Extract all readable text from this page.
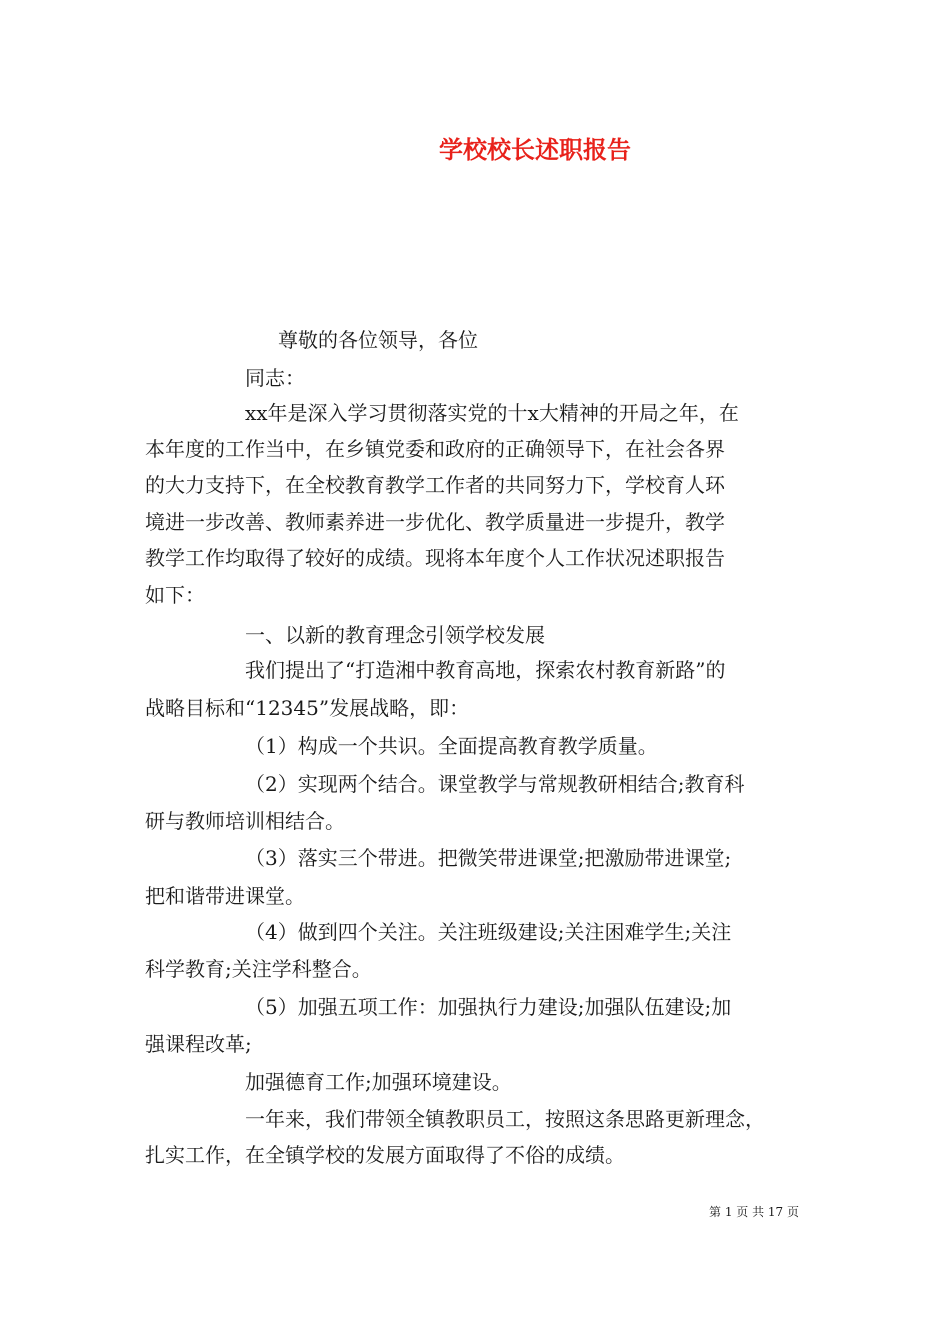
学校校长述职报告
尊敬的各位领导，各位
同志：
xx年是深入学习贯彻落实党的十x大精神的开局之年，在
本年度的工作当中，在乡镇党委和政府的正确领导下，在社会各界
的大力支持下，在全校教育教学工作者的共同努力下，学校育人环
境进一步改善、教师素养进一步优化、教学质量进一步提升，教学
教学工作均取得了较好的成绩。现将本年度个人工作状况述职报告
如下：
一、以新的教育理念引领学校发展
我们提出了“打造湘中教育高地，探索农村教育新路”的
战略目标和“12345”发展战略，即：
（1）构成一个共识。全面提高教育教学质量。
（2）实现两个结合。课堂教学与常规教研相结合;教育科
研与教师培训相结合。
（3）落实三个带进。把微笑带进课堂;把激励带进课堂;
把和谐带进课堂。
（4）做到四个关注。关注班级建设;关注困难学生;关注
科学教育;关注学科整合。
（5）加强五项工作：加强执行力建设;加强队伍建设;加
强课程改革;
加强德育工作;加强环境建设。
一年来，我们带领全镇教职员工，按照这条思路更新理念，
扎实工作，在全镇学校的发展方面取得了不俗的成绩。
第 1 页 共 17 页
